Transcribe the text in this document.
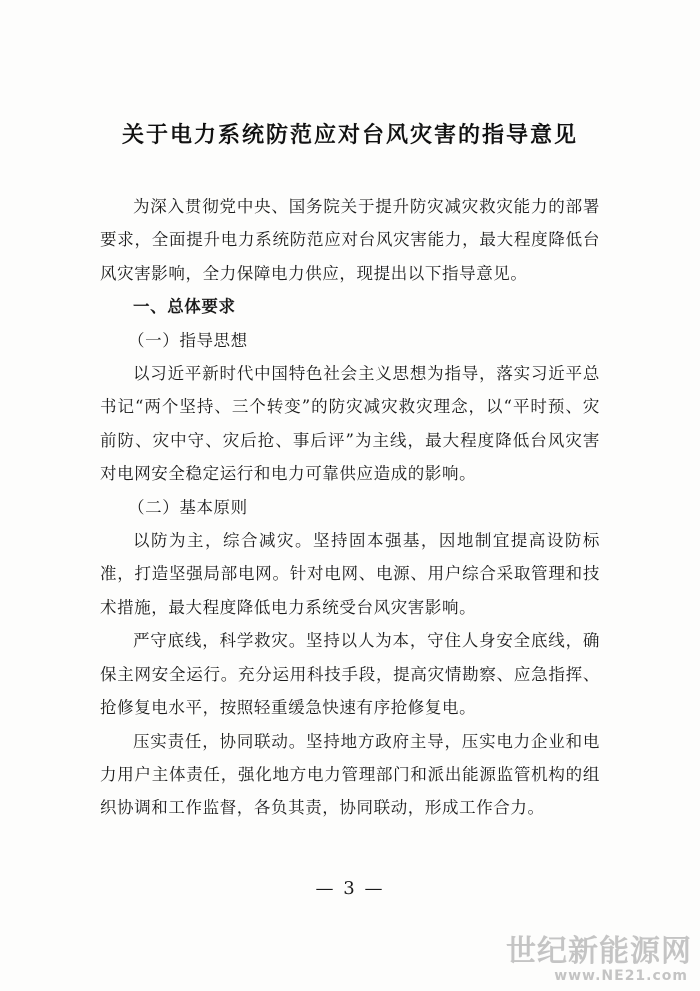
关于电力系统防范应对台风灾害的指导意见

为深入贯彻党中央、国务院关于提升防灾减灾救灾能力的部署要求，全面提升电力系统防范应对台风灾害能力，最大程度降低台风灾害影响，全力保障电力供应，现提出以下指导意见。

一、总体要求

（一）指导思想

以习近平新时代中国特色社会主义思想为指导，落实习近平总书记“两个坚持、三个转变”的防灾减灾救灾理念，以“平时预、灾前防、灾中守、灾后抢、事后评”为主线，最大程度降低台风灾害对电网安全稳定运行和电力可靠供应造成的影响。

（二）基本原则

以防为主，综合减灾。坚持固本强基，因地制宜提高设防标准，打造坚强局部电网。针对电网、电源、用户综合采取管理和技术措施，最大程度降低电力系统受台风灾害影响。

严守底线，科学救灾。坚持以人为本，守住人身安全底线，确保主网安全运行。充分运用科技手段，提高灾情勘察、应急指挥、抢修复电水平，按照轻重缓急快速有序抢修复电。

压实责任，协同联动。坚持地方政府主导，压实电力企业和电力用户主体责任，强化地方电力管理部门和派出能源监管机构的组织协调和工作监督，各负其责，协同联动，形成工作合力。

— 3 —
世纪新能源网
www.NE21.com
